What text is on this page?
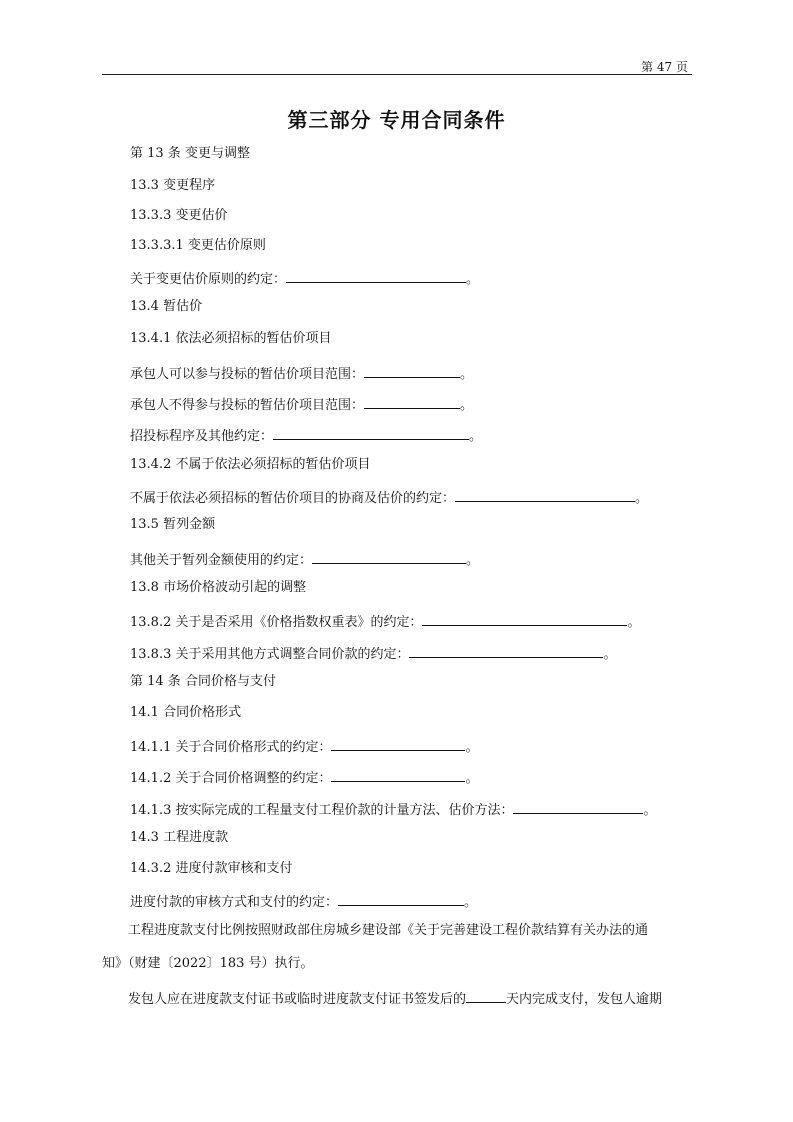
第 47 页
第三部分 专用合同条件
第 13 条 变更与调整
13.3 变更程序
13.3.3 变更估价
13.3.3.1 变更估价原则
关于变更估价原则的约定：	。
13.4 暂估价
13.4.1 依法必须招标的暂估价项目
承包人可以参与投标的暂估价项目范围：	。
承包人不得参与投标的暂估价项目范围：	。
招投标程序及其他约定：	。
13.4.2 不属于依法必须招标的暂估价项目
不属于依法必须招标的暂估价项目的协商及估价的约定：	。
13.5 暂列金额
其他关于暂列金额使用的约定：	。
13.8 市场价格波动引起的调整
13.8.2 关于是否采用《价格指数权重表》的约定：	。
13.8.3 关于采用其他方式调整合同价款的约定：	。
第 14 条 合同价格与支付
14.1 合同价格形式
14.1.1 关于合同价格形式的约定：	。
14.1.2 关于合同价格调整的约定：	。
14.1.3 按实际完成的工程量支付工程价款的计量方法、估价方法：	。
14.3 工程进度款
14.3.2 进度付款审核和支付
进度付款的审核方式和支付的约定：	。
工程进度款支付比例按照财政部住房城乡建设部《关于完善建设工程价款结算有关办法的通
知》（财建〔2022〕183 号）执行。
发包人应在进度款支付证书或临时进度款支付证书签发后的	天内完成支付，发包人逾期
